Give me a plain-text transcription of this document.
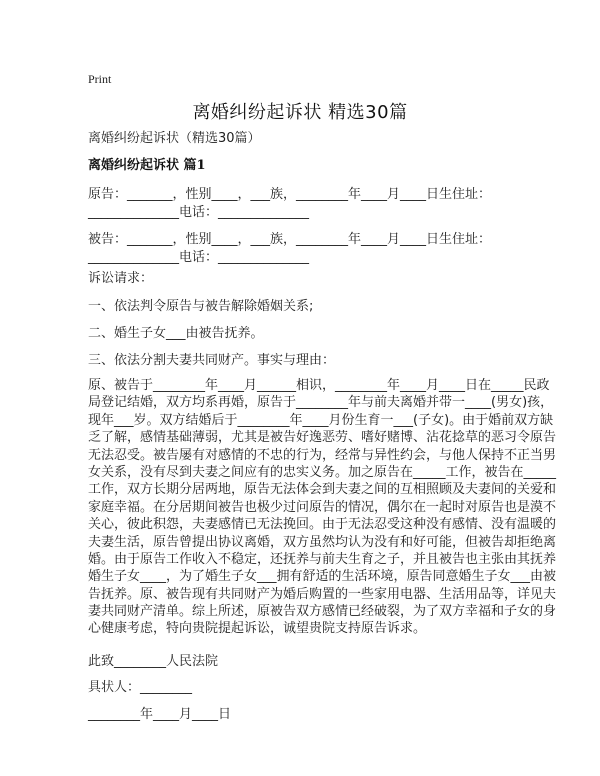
Print
离婚纠纷起诉状 精选30篇
离婚纠纷起诉状（精选30篇）
离婚纠纷起诉状 篇1
原告：_______，性别____，___族，________年____月____日生住址：
______________电话：______________
被告：_______，性别____，___族，________年____月____日生住址：
______________电话：______________
诉讼请求：
一、依法判令原告与被告解除婚姻关系;
二、婚生子女___由被告抚养。
三、依法分割夫妻共同财产。事实与理由：
原、被告于________年____月______相识，________年____月____日在_____民政
局登记结婚，双方均系再婚，原告于________年与前夫离婚并带一____(男女)孩，
现年___岁。双方结婚后于________年____月份生育一___(子女)。由于婚前双方缺
乏了解，感情基础薄弱，尤其是被告好逸恶劳、嗜好赌博、沾花捻草的恶习令原告
无法忍受。被告屡有对感情的不忠的行为，经常与异性约会，与他人保持不正当男
女关系，没有尽到夫妻之间应有的忠实义务。加之原告在_____工作，被告在_____
工作，双方长期分居两地，原告无法体会到夫妻之间的互相照顾及夫妻间的关爱和
家庭幸福。在分居期间被告也极少过问原告的情况，偶尔在一起时对原告也是漠不
关心，彼此积怨，夫妻感情已无法挽回。由于无法忍受这种没有感情、没有温暖的
夫妻生活，原告曾提出协议离婚，双方虽然均认为没有和好可能，但被告却拒绝离
婚。由于原告工作收入不稳定，还抚养与前夫生育之子，并且被告也主张由其抚养
婚生子女____，为了婚生子女___拥有舒适的生活环境，原告同意婚生子女___由被
告抚养。原、被告现有共同财产为婚后购置的一些家用电器、生活用品等，详见夫
妻共同财产清单。综上所述，原被告双方感情已经破裂，为了双方幸福和子女的身
心健康考虑，特向贵院提起诉讼，诚望贵院支持原告诉求。
此致________人民法院
具状人：________
________年____月____日
